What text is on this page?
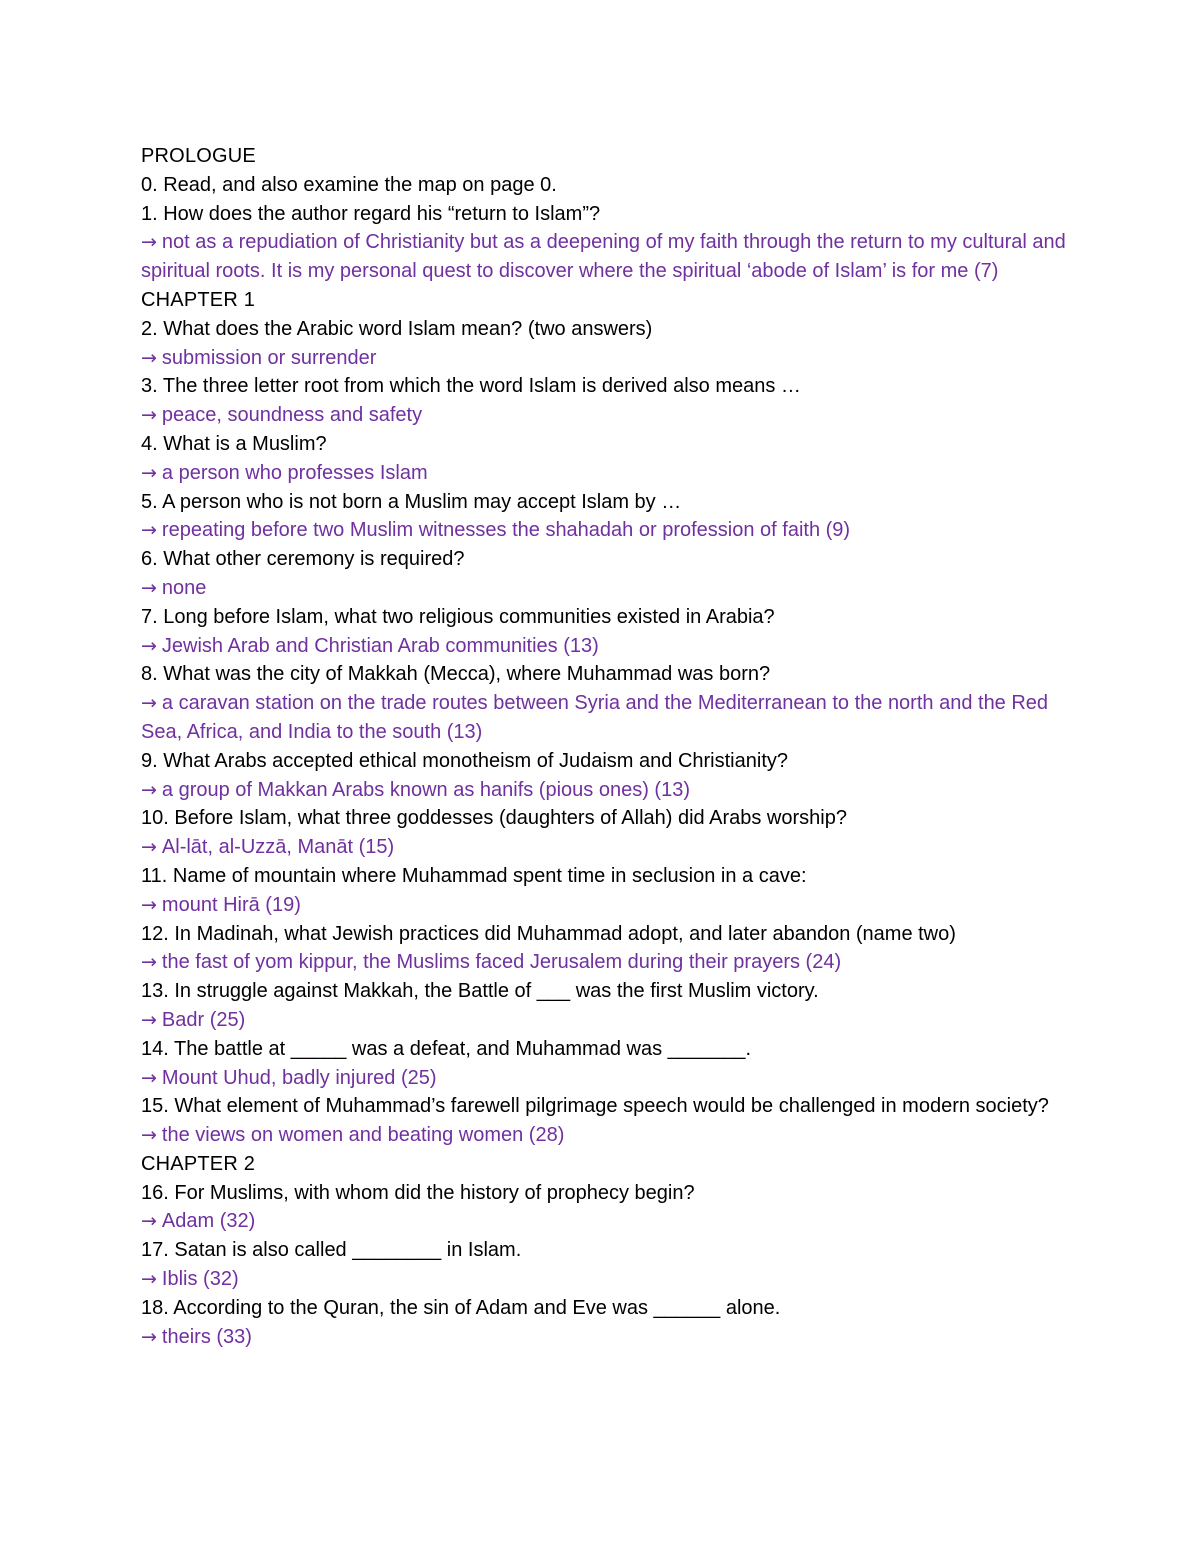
PROLOGUE

0. Read, and also examine the map on page 0.

1. How does the author regard his “return to Islam”?

→ not as a repudiation of Christianity but as a deepening of my faith through the return to my cultural and spiritual roots. It is my personal quest to discover where the spiritual ‘abode of Islam’ is for me (7)

CHAPTER 1

2. What does the Arabic word Islam mean? (two answers)

→ submission or surrender

3. The three letter root from which the word Islam is derived also means …

→ peace, soundness and safety

4. What is a Muslim?

→ a person who professes Islam

5. A person who is not born a Muslim may accept Islam by …

→ repeating before two Muslim witnesses the shahadah or profession of faith (9)

6. What other ceremony is required?

→ none

7. Long before Islam, what two religious communities existed in Arabia?

→ Jewish Arab and Christian Arab communities (13)

8. What was the city of Makkah (Mecca), where Muhammad was born?

→ a caravan station on the trade routes between Syria and the Mediterranean to the north and the Red Sea, Africa, and India to the south (13)

9. What Arabs accepted ethical monotheism of Judaism and Christianity?

→ a group of Makkan Arabs known as hanifs (pious ones) (13)

10. Before Islam, what three goddesses (daughters of Allah) did Arabs worship?

→ Al-lāt, al-Uzzā, Manāt (15)

11. Name of mountain where Muhammad spent time in seclusion in a cave:

→ mount Hirā (19)

12. In Madinah, what Jewish practices did Muhammad adopt, and later abandon (name two)

→ the fast of yom kippur, the Muslims faced Jerusalem during their prayers (24)

13. In struggle against Makkah, the Battle of ___ was the first Muslim victory.

→ Badr (25)

14. The battle at _____ was a defeat, and Muhammad was _______.

→ Mount Uhud, badly injured (25)

15. What element of Muhammad’s farewell pilgrimage speech would be challenged in modern society?

→ the views on women and beating women (28)

CHAPTER 2

16. For Muslims, with whom did the history of prophecy begin?

→ Adam (32)

17. Satan is also called ________ in Islam.

→ Iblis (32)

18. According to the Quran, the sin of Adam and Eve was ______ alone.

→ theirs (33)
